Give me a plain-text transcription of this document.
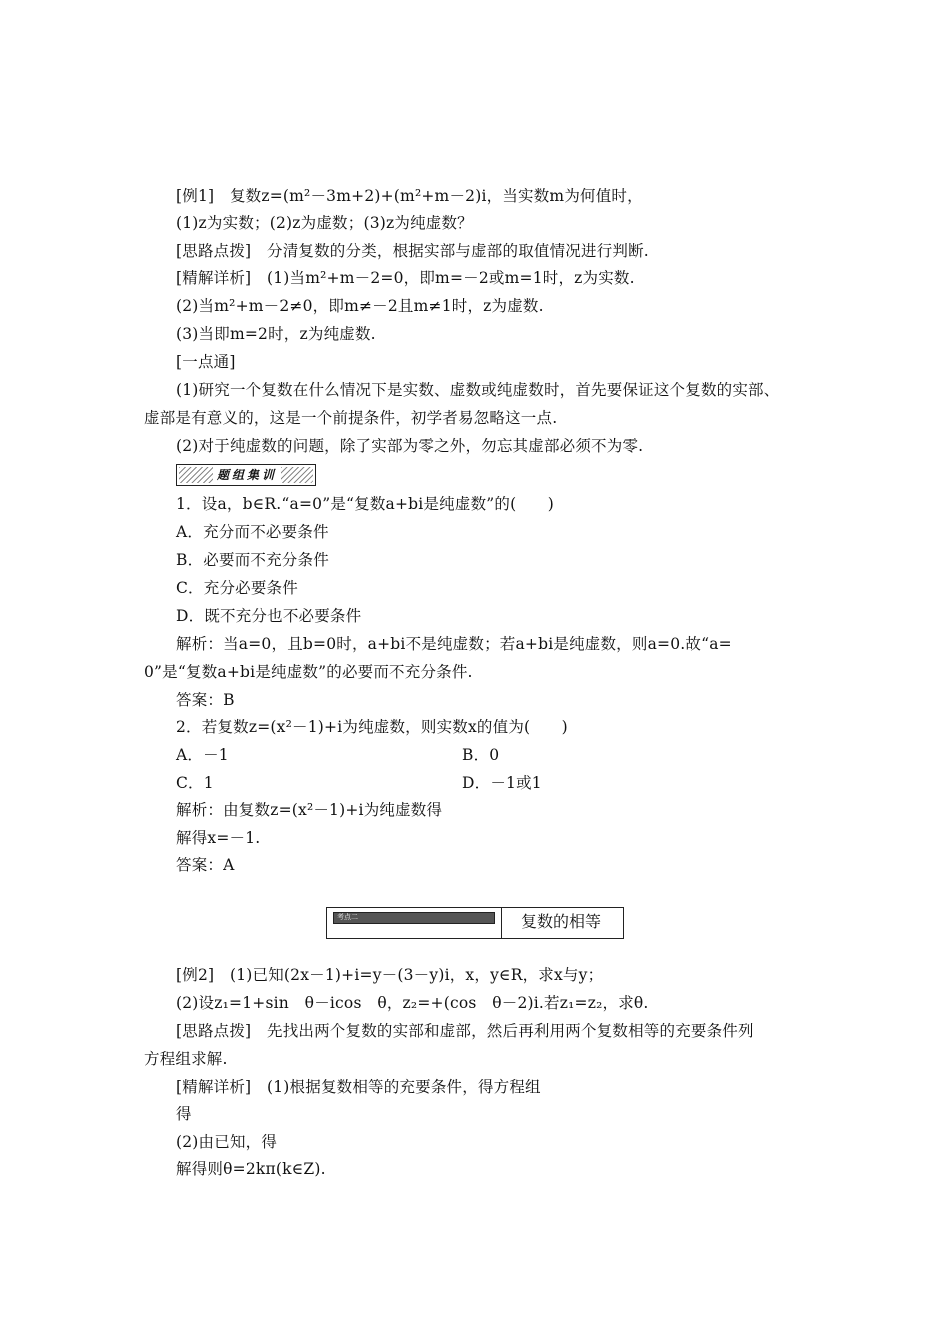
[例1]　复数z=(m²－3m+2)+(m²+m－2)i，当实数m为何值时，
(1)z为实数；(2)z为虚数；(3)z为纯虚数？
[思路点拨]　分清复数的分类，根据实部与虚部的取值情况进行判断.
[精解详析]　(1)当m²+m－2=0，即m=－2或m=1时，z为实数.
(2)当m²+m－2≠0，即m≠－2且m≠1时，z为虚数.
(3)当即m=2时，z为纯虚数.
[一点通]
(1)研究一个复数在什么情况下是实数、虚数或纯虚数时，首先要保证这个复数的实部、
虚部是有意义的，这是一个前提条件，初学者易忽略这一点.
(2)对于纯虚数的问题，除了实部为零之外，勿忘其虚部必须不为零.
题组集训
1．设a，b∈R.“a=0”是“复数a+bi是纯虚数”的(　　)
A．充分而不必要条件
B．必要而不充分条件
C．充分必要条件
D．既不充分也不必要条件
解析：当a=0，且b=0时，a+bi不是纯虚数；若a+bi是纯虚数，则a=0.故“a=
0”是“复数a+bi是纯虚数”的必要而不充分条件.
答案：B
2．若复数z=(x²－1)+i为纯虚数，则实数x的值为(　　)
A．－1	B．0
C．1	D．－1或1
解析：由复数z=(x²－1)+i为纯虚数得
解得x=－1.
答案：A
考点二	复数的相等
[例2]　(1)已知(2x－1)+i=y－(3－y)i，x，y∈R，求x与y；
(2)设z₁=1+sin　θ－icos　θ，z₂=+(cos　θ－2)i.若z₁=z₂，求θ.
[思路点拨]　先找出两个复数的实部和虚部，然后再利用两个复数相等的充要条件列
方程组求解.
[精解详析]　(1)根据复数相等的充要条件，得方程组
得
(2)由已知，得
解得则θ=2kπ(k∈Z).
